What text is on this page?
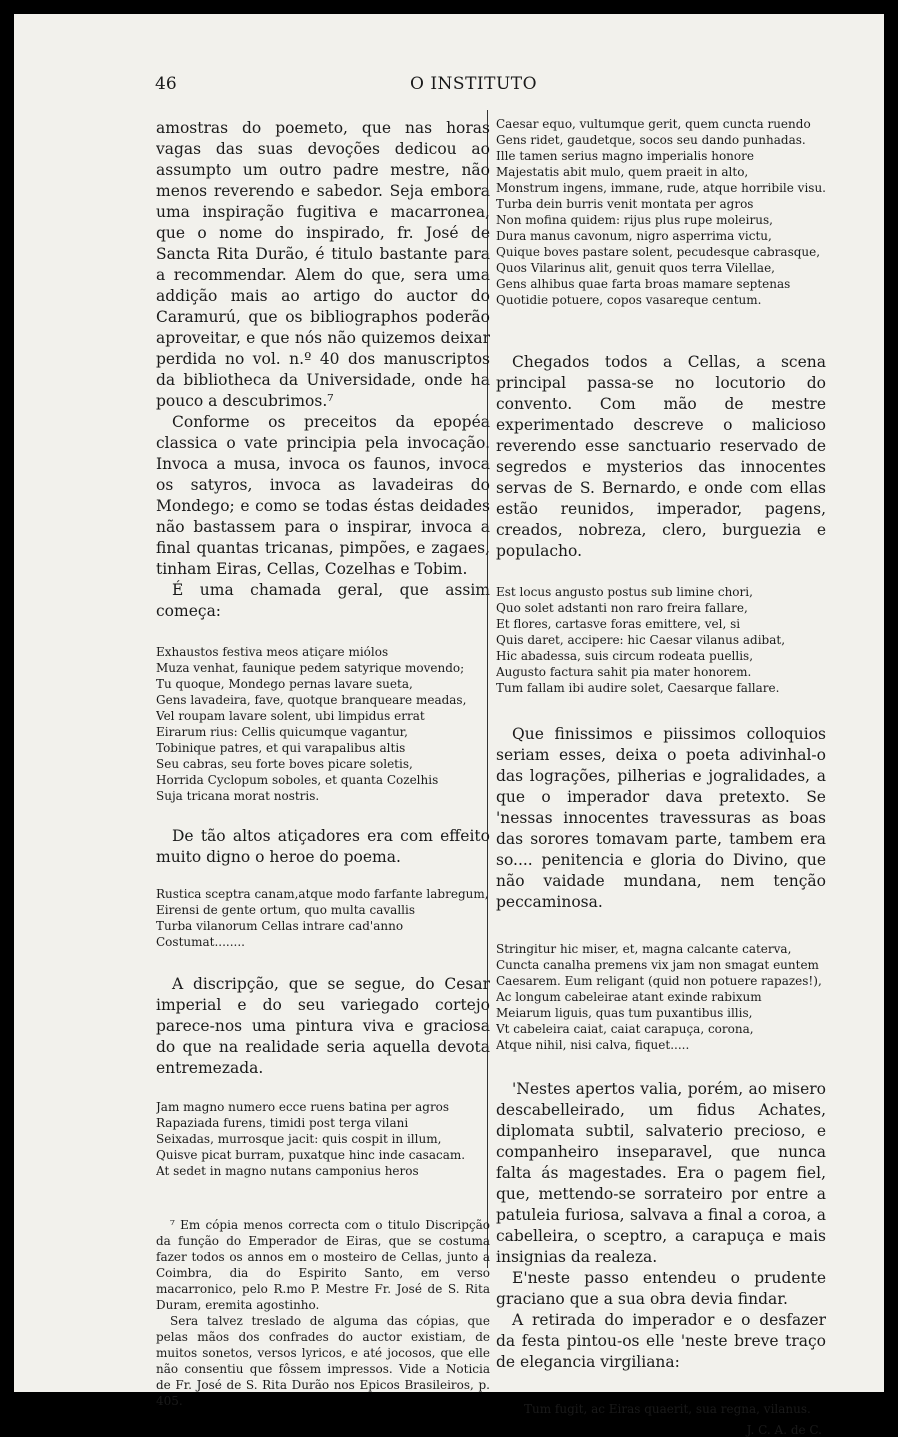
46	O INSTITUTO

amostras do poemeto, que nas horas vagas das suas devoções dedicou ao assumpto um outro padre mestre, não menos reverendo e sabedor. Seja embora uma inspiração fugitiva e macarronea, que o nome do inspirado, fr. José de Sancta Rita Durão, é titulo bastante para a recommendar. Alem do que, sera uma addição mais ao artigo do auctor do Caramurú, que os bibliographos poderão aproveitar, e que nós não quizemos deixar perdida no vol. n.º 40 dos manuscriptos da bibliotheca da Universidade, onde ha pouco a descubrimos.⁷

Conforme os preceitos da epopéa classica o vate principia pela invocação. Invoca a musa, invoca os faunos, invoca os satyros, invoca as lavadeiras do Mondego; e como se todas éstas deidades não bastassem para o inspirar, invoca a final quantas tricanas, pimpões, e zagaes, tinham Eiras, Cellas, Cozelhas e Tobim.

É uma chamada geral, que assim começa:

Exhaustos festiva meos atiçare miólos
Muza venhat, faunique pedem satyrique movendo;
Tu quoque, Mondego pernas lavare sueta,
Gens lavadeira, fave, quotque branqueare meadas,
Vel roupam lavare solent, ubi limpidus errat
Eirarum rius: Cellis quicumque vagantur,
Tobinique patres, et qui varapalibus altis
Seu cabras, seu forte boves picare soletis,
Horrida Cyclopum soboles, et quanta Cozelhis
Suja tricana morat nostris.

De tão altos atiçadores era com effeito muito digno o heroe do poema.

Rustica sceptra canam,atque modo farfante labregum,
Eirensi de gente ortum, quo multa cavallis
Turba vilanorum Cellas intrare cad'anno
Costumat........

A discripção, que se segue, do Cesar imperial e do seu variegado cortejo parece-nos uma pintura viva e graciosa do que na realidade seria aquella devota entremezada.

Jam magno numero ecce ruens batina per agros
Rapaziada furens, timidi post terga vilani
Seixadas, murrosque jacit: quis cospit in illum,
Quisve picat burram, puxatque hinc inde casacam.
At sedet in magno nutans camponius heros

⁷ Em cópia menos correcta com o titulo Discripção da função do Emperador de Eiras, que se costuma fazer todos os annos em o mosteiro de Cellas, junto a Coimbra, dia do Espirito Santo, em verso macarronico, pelo R.mo P. Mestre Fr. José de S. Rita Duram, eremita agostinho.

Sera talvez treslado de alguma das cópias, que pelas mãos dos confrades do auctor existiam, de muitos sonetos, versos lyricos, e até jocosos, que elle não consentiu que fôssem impressos. Vide a Noticia de Fr. José de S. Rita Durão nos Epicos Brasileiros, p. 405.

Caesar equo, vultumque gerit, quem cuncta ruendo
Gens ridet, gaudetque, socos seu dando punhadas.
Ille tamen serius magno imperialis honore
Majestatis abit mulo, quem praeit in alto,
Monstrum ingens, immane, rude, atque horribile visu.
Turba dein burris venit montata per agros
Non mofina quidem: rijus plus rupe moleirus,
Dura manus cavonum, nigro asperrima victu,
Quique boves pastare solent, pecudesque cabrasque,
Quos Vilarinus alit, genuit quos terra Vilellae,
Gens alhibus quae farta broas mamare septenas
Quotidie potuere, copos vasareque centum.

Chegados todos a Cellas, a scena principal passa-se no locutorio do convento. Com mão de mestre experimentado descreve o malicioso reverendo esse sanctuario reservado de segredos e mysterios das innocentes servas de S. Bernardo, e onde com ellas estão reunidos, imperador, pagens, creados, nobreza, clero, burguezia e populacho.

Est locus angusto postus sub limine chori,
Quo solet adstanti non raro freira fallare,
Et flores, cartasve foras emittere, vel, si
Quis daret, accipere: hic Caesar vilanus adibat,
Hic abadessa, suis circum rodeata puellis,
Augusto factura sahit pia mater honorem.
Tum fallam ibi audire solet, Caesarque fallare.

Que finissimos e piissimos colloquios seriam esses, deixa o poeta adivinhal-o das lograções, pilherias e jogralidades, a que o imperador dava pretexto. Se 'nessas innocentes travessuras as boas das sorores tomavam parte, tambem era so.... penitencia e gloria do Divino, que não vaidade mundana, nem tenção peccaminosa.

Stringitur hic miser, et, magna calcante caterva,
Cuncta canalha premens vix jam non smagat euntem
Caesarem. Eum religant (quid non potuere rapazes!),
Ac longum cabeleirae atant exinde rabixum
Meiarum liguis, quas tum puxantibus illis,
Vt cabeleira caiat, caiat carapuça, corona,
Atque nihil, nisi calva, fiquet.....

'Nestes apertos valia, porém, ao misero descabelleirado, um fidus Achates, diplomata subtil, salvaterio precioso, e companheiro inseparavel, que nunca falta ás magestades. Era o pagem fiel, que, mettendo-se sorrateiro por entre a patuleia furiosa, salvava a final a coroa, a cabelleira, o sceptro, a carapuça e mais insignias da realeza.

E'neste passo entendeu o prudente graciano que a sua obra devia findar.

A retirada do imperador e o desfazer da festa pintou-os elle 'neste breve traço de elegancia virgiliana:

Tum fugit, ac Eiras quaerit, sua regna, vilanus.
J. C. A. de C.
